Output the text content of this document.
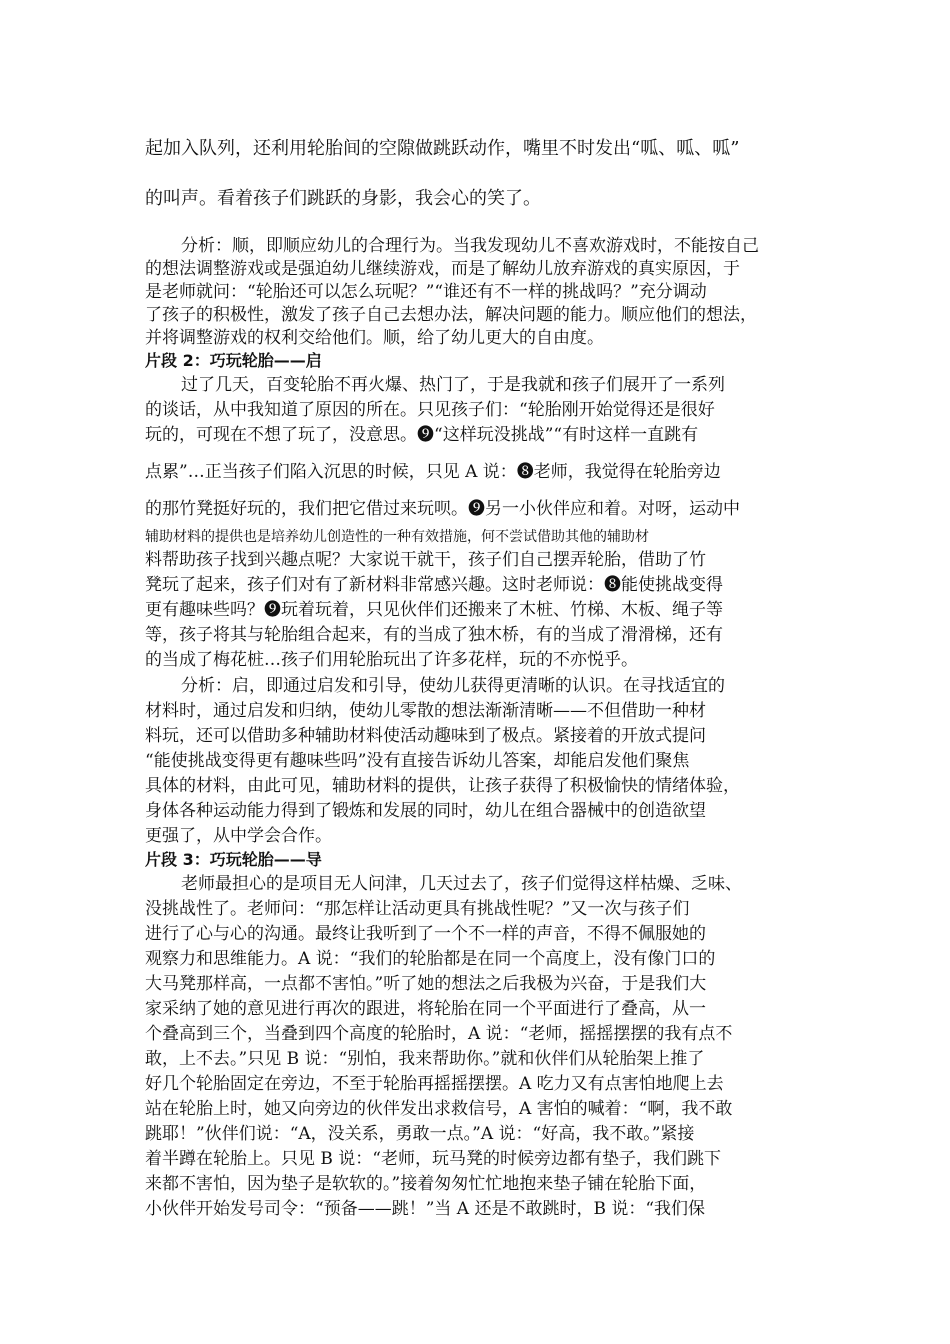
起加入队列，还利用轮胎间的空隙做跳跃动作，嘴里不时发出“呱、呱、呱”
的叫声。看着孩子们跳跃的身影，我会心的笑了。
分析：顺，即顺应幼儿的合理行为。当我发现幼儿不喜欢游戏时，不能按自己
的想法调整游戏或是强迫幼儿继续游戏，而是了解幼儿放弃游戏的真实原因，于
是老师就问：“轮胎还可以怎么玩呢？”“谁还有不一样的挑战吗？”充分调动
了孩子的积极性，激发了孩子自己去想办法，解决问题的能力。顺应他们的想法，
并将调整游戏的权利交给他们。顺，给了幼儿更大的自由度。
片段 2：巧玩轮胎——启
过了几天，百变轮胎不再火爆、热门了，于是我就和孩子们展开了一系列
的谈话，从中我知道了原因的所在。只见孩子们：“轮胎刚开始觉得还是很好
玩的，可现在不想了玩了，没意思。❾“这样玩没挑战”“有时这样一直跳有
点累”…正当孩子们陷入沉思的时候，只见 A 说：❽老师，我觉得在轮胎旁边
的那竹凳挺好玩的，我们把它借过来玩呗。❾另一小伙伴应和着。对呀，运动中
辅助材料的提供也是培养幼儿创造性的一种有效措施，何不尝试借助其他的辅助材
料帮助孩子找到兴趣点呢？大家说干就干，孩子们自己摆弄轮胎，借助了竹
凳玩了起来，孩子们对有了新材料非常感兴趣。这时老师说：❽能使挑战变得
更有趣味些吗？❾玩着玩着，只见伙伴们还搬来了木桩、竹梯、木板、绳子等
等，孩子将其与轮胎组合起来，有的当成了独木桥，有的当成了滑滑梯，还有
的当成了梅花桩…孩子们用轮胎玩出了许多花样，玩的不亦悦乎。
分析：启，即通过启发和引导，使幼儿获得更清晰的认识。在寻找适宜的
材料时，通过启发和归纳，使幼儿零散的想法渐渐清晰——不但借助一种材
料玩，还可以借助多种辅助材料使活动趣味到了极点。紧接着的开放式提问
“能使挑战变得更有趣味些吗”没有直接告诉幼儿答案，却能启发他们聚焦
具体的材料，由此可见，辅助材料的提供，让孩子获得了积极愉快的情绪体验，
身体各种运动能力得到了锻炼和发展的同时，幼儿在组合器械中的创造欲望
更强了，从中学会合作。
片段 3：巧玩轮胎——导
老师最担心的是项目无人问津，几天过去了，孩子们觉得这样枯燥、乏味、
没挑战性了。老师问：“那怎样让活动更具有挑战性呢？”又一次与孩子们
进行了心与心的沟通。最终让我听到了一个不一样的声音，不得不佩服她的
观察力和思维能力。A 说：“我们的轮胎都是在同一个高度上，没有像门口的
大马凳那样高，一点都不害怕。”听了她的想法之后我极为兴奋，于是我们大
家采纳了她的意见进行再次的跟进，将轮胎在同一个平面进行了叠高，从一
个叠高到三个，当叠到四个高度的轮胎时，A 说：“老师，摇摇摆摆的我有点不
敢，上不去。”只见 B 说：“别怕，我来帮助你。”就和伙伴们从轮胎架上推了
好几个轮胎固定在旁边，不至于轮胎再摇摇摆摆。A 吃力又有点害怕地爬上去
站在轮胎上时，她又向旁边的伙伴发出求救信号，A 害怕的喊着：“啊，我不敢
跳耶！”伙伴们说：“A，没关系，勇敢一点。”A 说：“好高，我不敢。”紧接
着半蹲在轮胎上。只见 B 说：“老师，玩马凳的时候旁边都有垫子，我们跳下
来都不害怕，因为垫子是软软的。”接着匆匆忙忙地抱来垫子铺在轮胎下面，
小伙伴开始发号司令：“预备——跳！”当 A 还是不敢跳时，B 说：“我们保
